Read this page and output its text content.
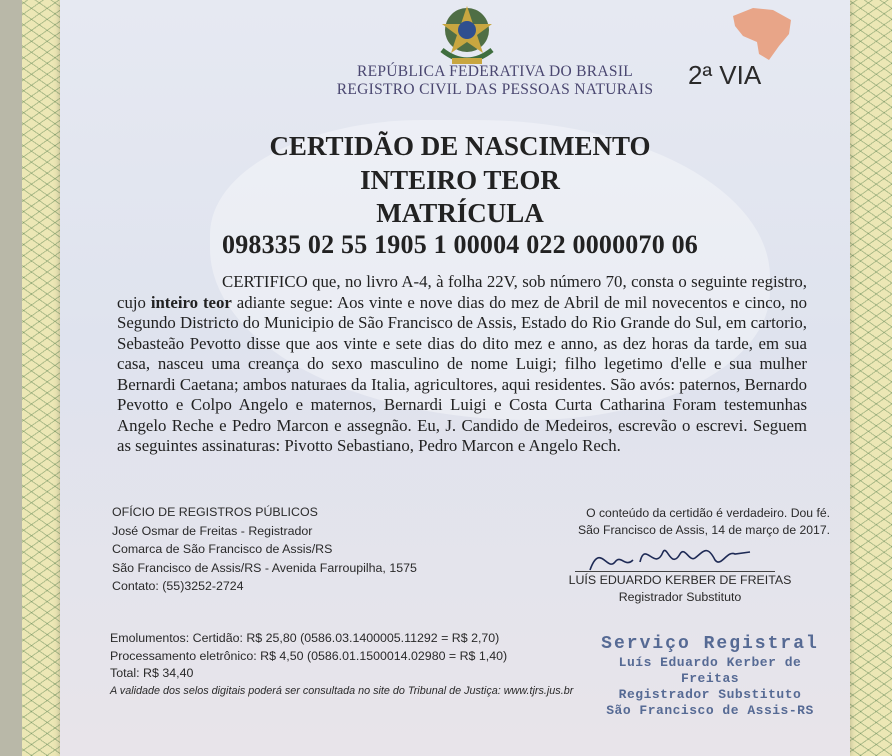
REPÚBLICA FEDERATIVA DO BRASIL
REGISTRO CIVIL DAS PESSOAS NATURAIS	2ª VIA
CERTIDÃO DE NASCIMENTO
INTEIRO TEOR
MATRÍCULA
098335 02 55 1905 1 00004 022 0000070 06
CERTIFICO que, no livro A-4, à folha 22V, sob número 70, consta o seguinte registro, cujo inteiro teor adiante segue: Aos vinte e nove dias do mez de Abril de mil novecentos e cinco, no Segundo Districto do Municipio de São Francisco de Assis, Estado do Rio Grande do Sul, em cartorio, Sebasteão Pevotto disse que aos vinte e sete dias do dito mez e anno, as dez horas da tarde, em sua casa, nasceu uma creança do sexo masculino de nome Luigi; filho legetimo d'elle e sua mulher Bernardi Caetana; ambos naturaes da Italia, agricultores, aqui residentes. São avós: paternos, Bernardo Pevotto e Colpo Angelo e maternos, Bernardi Luigi e Costa Curta Catharina Foram testemunhas Angelo Reche e Pedro Marcon e assegnão. Eu, J. Candido de Medeiros, escrevão o escrevi. Seguem as seguintes assinaturas: Pivotto Sebastiano, Pedro Marcon e Angelo Rech.
OFÍCIO DE REGISTROS PÚBLICOS
José Osmar de Freitas - Registrador
Comarca de São Francisco de Assis/RS
São Francisco de Assis/RS - Avenida Farroupilha, 1575
Contato: (55)3252-2724
O conteúdo da certidão é verdadeiro. Dou fé.
São Francisco de Assis, 14 de março de 2017.
LUÍS EDUARDO KERBER DE FREITAS
Registrador Substituto
Emolumentos: Certidão: R$ 25,80 (0586.03.1400005.11292 = R$ 2,70)
Processamento eletrônico: R$ 4,50 (0586.01.1500014.02980 = R$ 1,40)
Total: R$ 34,40
A validade dos selos digitais poderá ser consultada no site do Tribunal de Justiça: www.tjrs.jus.br
Serviço Registral
Luís Eduardo Kerber de Freitas
Registrador Substituto
São Francisco de Assis-RS
